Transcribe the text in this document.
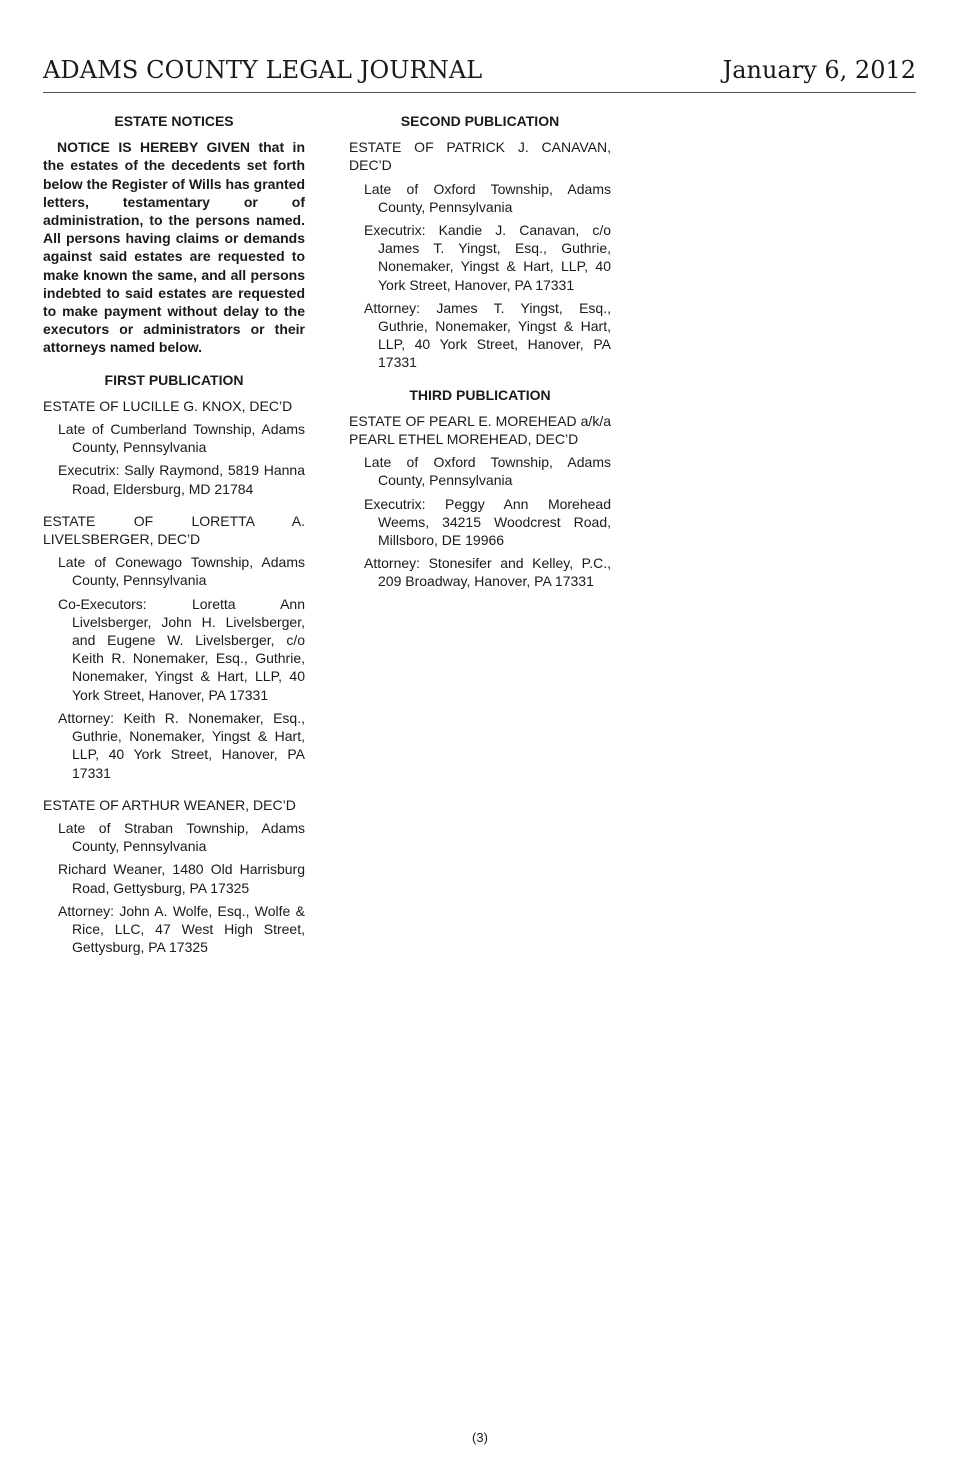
ADAMS COUNTY LEGAL JOURNAL	January 6, 2012
ESTATE NOTICES
NOTICE IS HEREBY GIVEN that in the estates of the decedents set forth below the Register of Wills has granted letters, testamentary or of administration, to the persons named. All persons having claims or demands against said estates are requested to make known the same, and all persons indebted to said estates are requested to make payment without delay to the executors or administrators or their attorneys named below.
FIRST PUBLICATION
ESTATE OF LUCILLE G. KNOX, DEC’D
Late of Cumberland Township, Adams County, Pennsylvania
Executrix: Sally Raymond, 5819 Hanna Road, Eldersburg, MD 21784
ESTATE OF LORETTA A. LIVELSBERGER, DEC’D
Late of Conewago Township, Adams County, Pennsylvania
Co-Executors: Loretta Ann Livelsberger, John H. Livelsberger, and Eugene W. Livelsberger, c/o Keith R. Nonemaker, Esq., Guthrie, Nonemaker, Yingst & Hart, LLP, 40 York Street, Hanover, PA 17331
Attorney: Keith R. Nonemaker, Esq., Guthrie, Nonemaker, Yingst & Hart, LLP, 40 York Street, Hanover, PA 17331
ESTATE OF ARTHUR WEANER, DEC’D
Late of Straban Township, Adams County, Pennsylvania
Richard Weaner, 1480 Old Harrisburg Road, Gettysburg, PA 17325
Attorney: John A. Wolfe, Esq., Wolfe & Rice, LLC, 47 West High Street, Gettysburg, PA 17325
SECOND PUBLICATION
ESTATE OF PATRICK J. CANAVAN, DEC’D
Late of Oxford Township, Adams County, Pennsylvania
Executrix: Kandie J. Canavan, c/o James T. Yingst, Esq., Guthrie, Nonemaker, Yingst & Hart, LLP, 40 York Street, Hanover, PA 17331
Attorney: James T. Yingst, Esq., Guthrie, Nonemaker, Yingst & Hart, LLP, 40 York Street, Hanover, PA 17331
THIRD PUBLICATION
ESTATE OF PEARL E. MOREHEAD a/k/a PEARL ETHEL MOREHEAD, DEC’D
Late of Oxford Township, Adams County, Pennsylvania
Executrix: Peggy Ann Morehead Weems, 34215 Woodcrest Road, Millsboro, DE 19966
Attorney: Stonesifer and Kelley, P.C., 209 Broadway, Hanover, PA 17331
(3)
